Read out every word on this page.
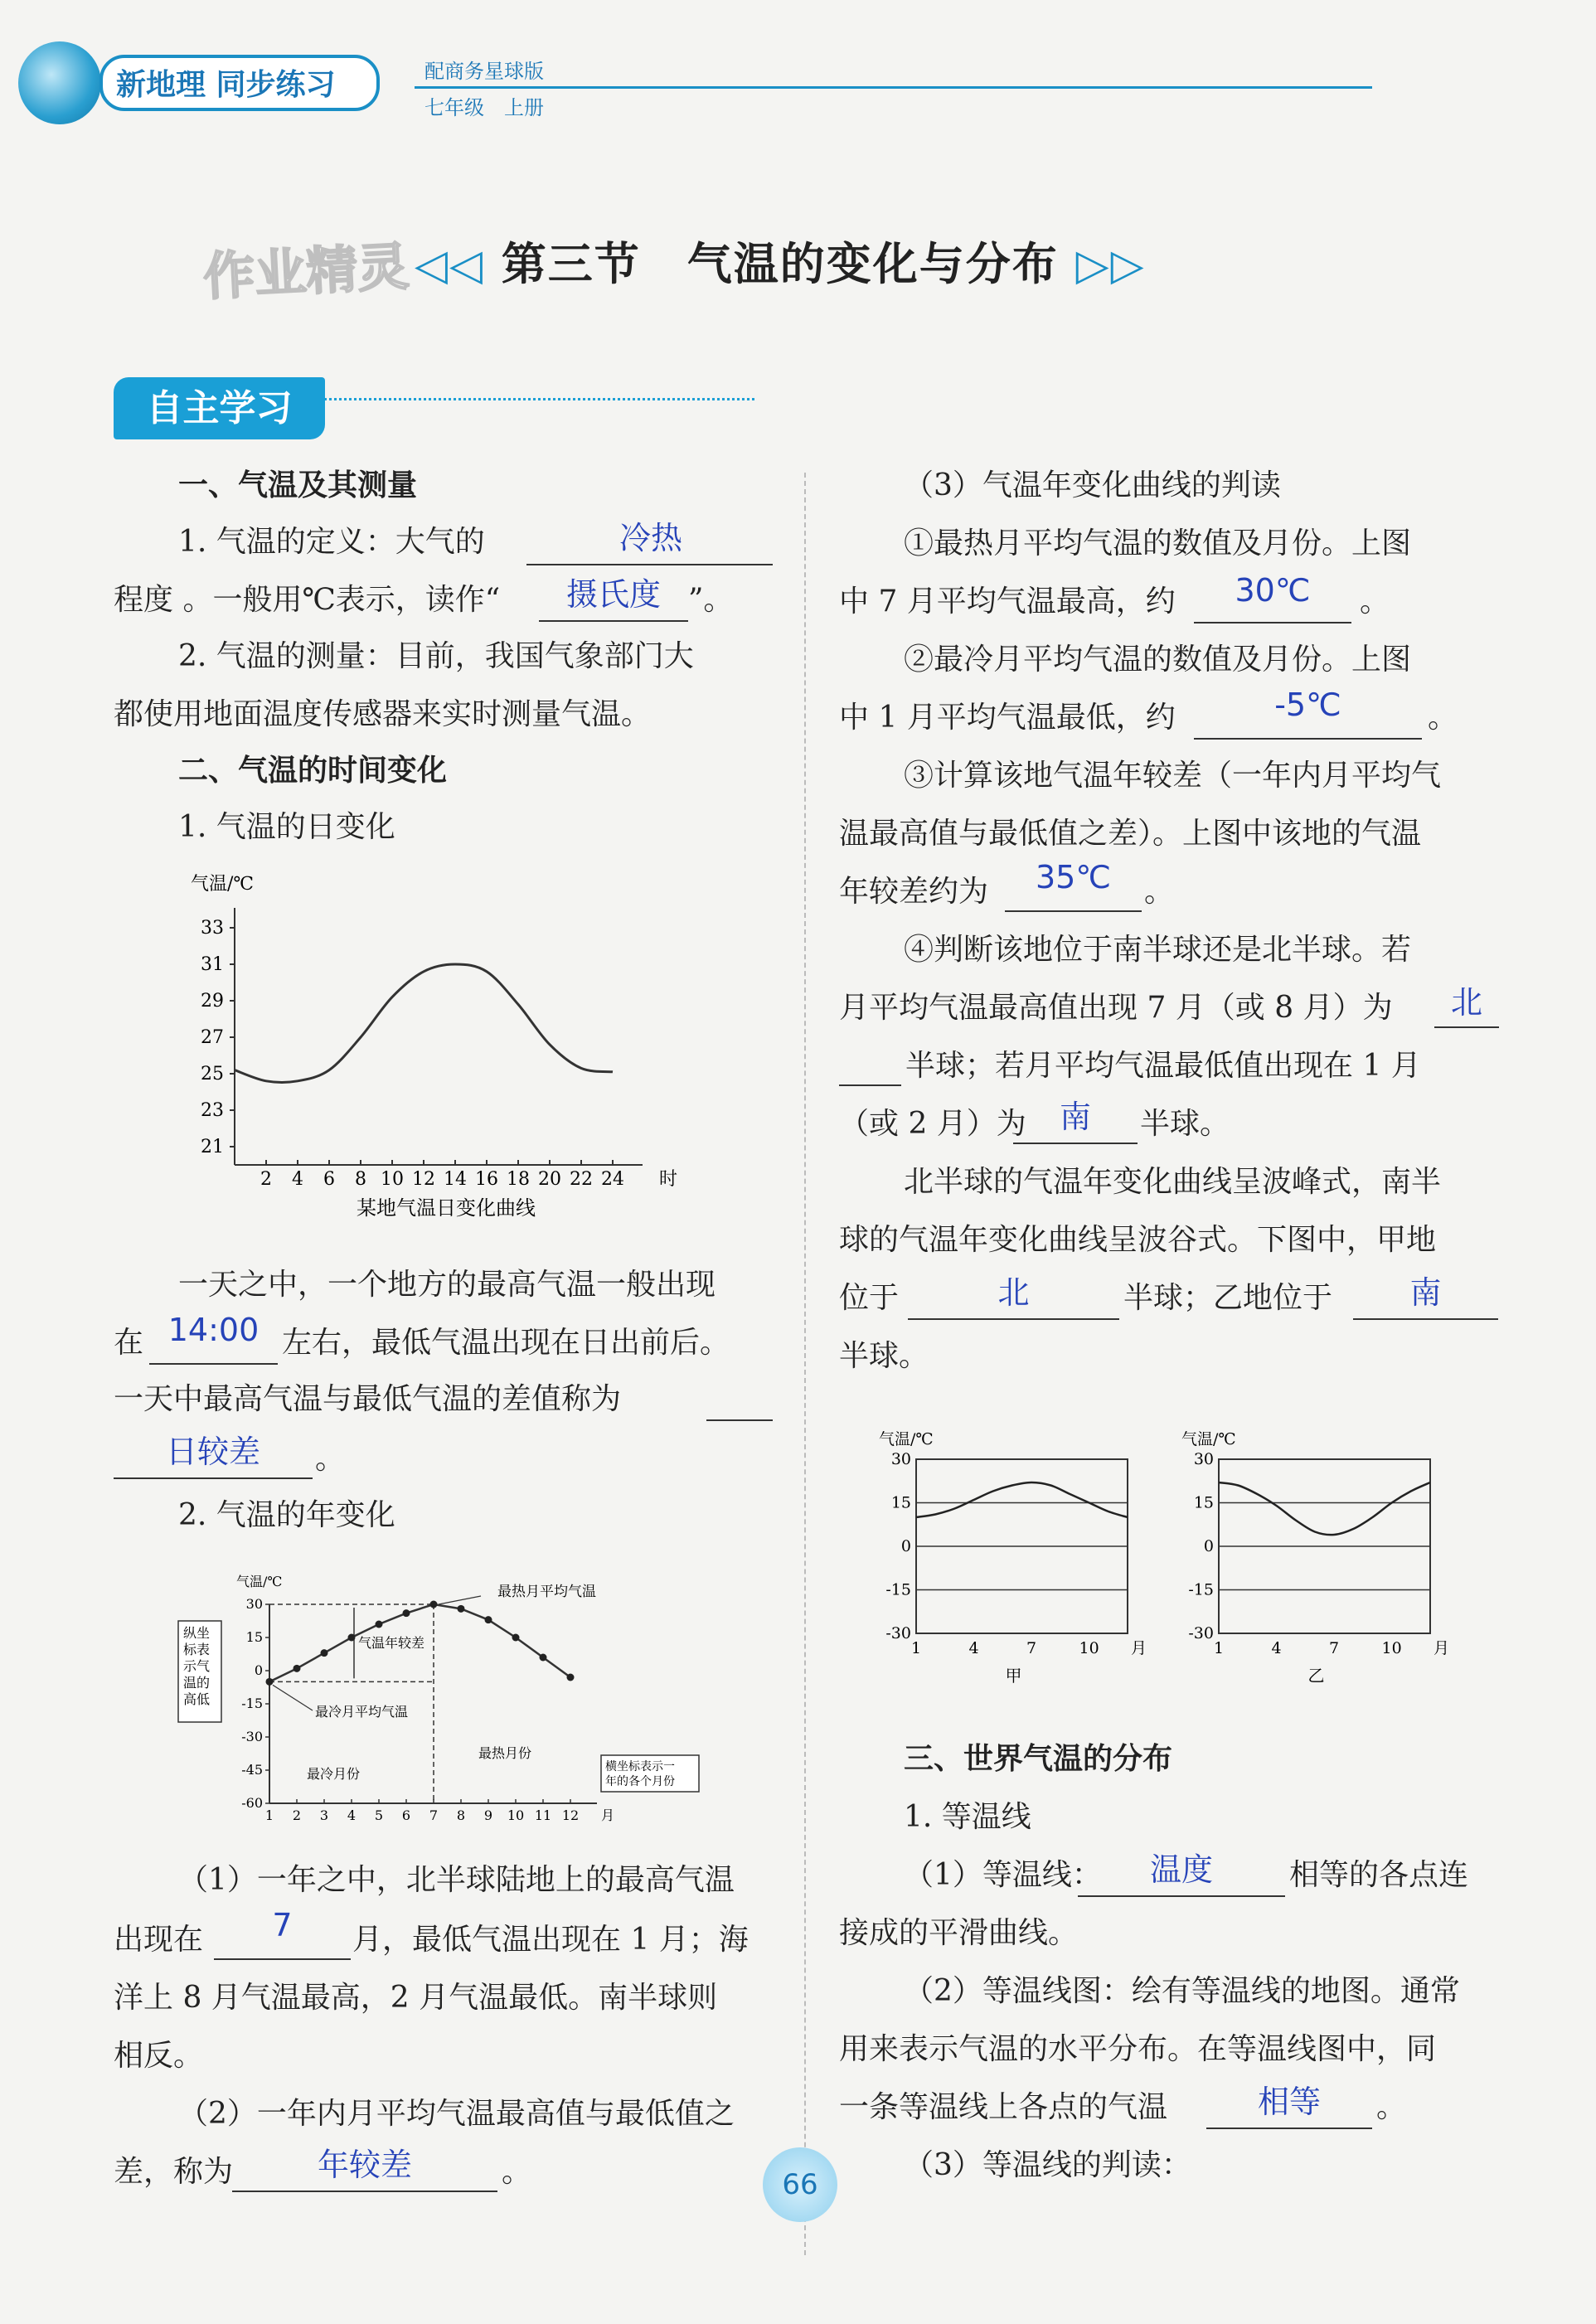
新地理 同步练习	配商务星球版
七年级　上册
作业精灵 ◁◁ 第三节　气温的变化与分布 ▷▷
自主学习
一、气温及其测量
1. 气温的定义：大气的	冷热
程度 。一般用℃表示，读作“	摄氏度 ”。
2. 气温的测量：目前，我国气象部门大
都使用地面温度传感器来实时测量气温。
二、气温的时间变化
1. 气温的日变化
气温/℃
21
23
25
27
29
31
33
2 4 6 8 10 12 14 16 18 20 22 24 时
某地气温日变化曲线
一天之中，一个地方的最高气温一般出现
在 14:00 左右，最低气温出现在日出前后。
一天中最高气温与最低气温的差值称为
日较差	。
2. 气温的年变化
气温/℃
30
15
0
-15
-30
-45
-60
1 2 3 4 5 6 7 8 9 10 11 12 月
纵坐
标表
示气
温的
高低
最热月平均气温
气温年较差
最冷月平均气温
最热月份
最冷月份	横坐标表示一
年的各个月份
（1）一年之中，北半球陆地上的最高气温
出现在	7	月，最低气温出现在 1 月；海
洋上 8 月气温最高，2 月气温最低。南半球则
相反。
（2）一年内月平均气温最高值与最低值之
差，称为	年较差	。
（3）气温年变化曲线的判读
①最热月平均气温的数值及月份。上图
中 7 月平均气温最高，约	30℃	。
②最冷月平均气温的数值及月份。上图
中 1 月平均气温最低，约	-5℃	。
③计算该地气温年较差（一年内月平均气
温最高值与最低值之差）。上图中该地的气温
年较差约为	35℃	。
④判断该地位于南半球还是北半球。若
月平均气温最高值出现 7 月（或 8 月）为	北
半球；若月平均气温最低值出现在 1 月
（或 2 月）为	南	半球。
北半球的气温年变化曲线呈波峰式，南半
球的气温年变化曲线呈波谷式。下图中，甲地
位于	北	半球；乙地位于	南
半球。
气温/℃
30
15
0
-15
-30
1	4	7	10 月
甲
气温/℃
30
15
0
-15
-30
1	4	7	10 月
乙
三、世界气温的分布
1. 等温线
（1）等温线：	温度	相等的各点连
接成的平滑曲线。
（2）等温线图：绘有等温线的地图。通常
用来表示气温的水平分布。在等温线图中，同
一条等温线上各点的气温	相等	。
（3）等温线的判读：
66
